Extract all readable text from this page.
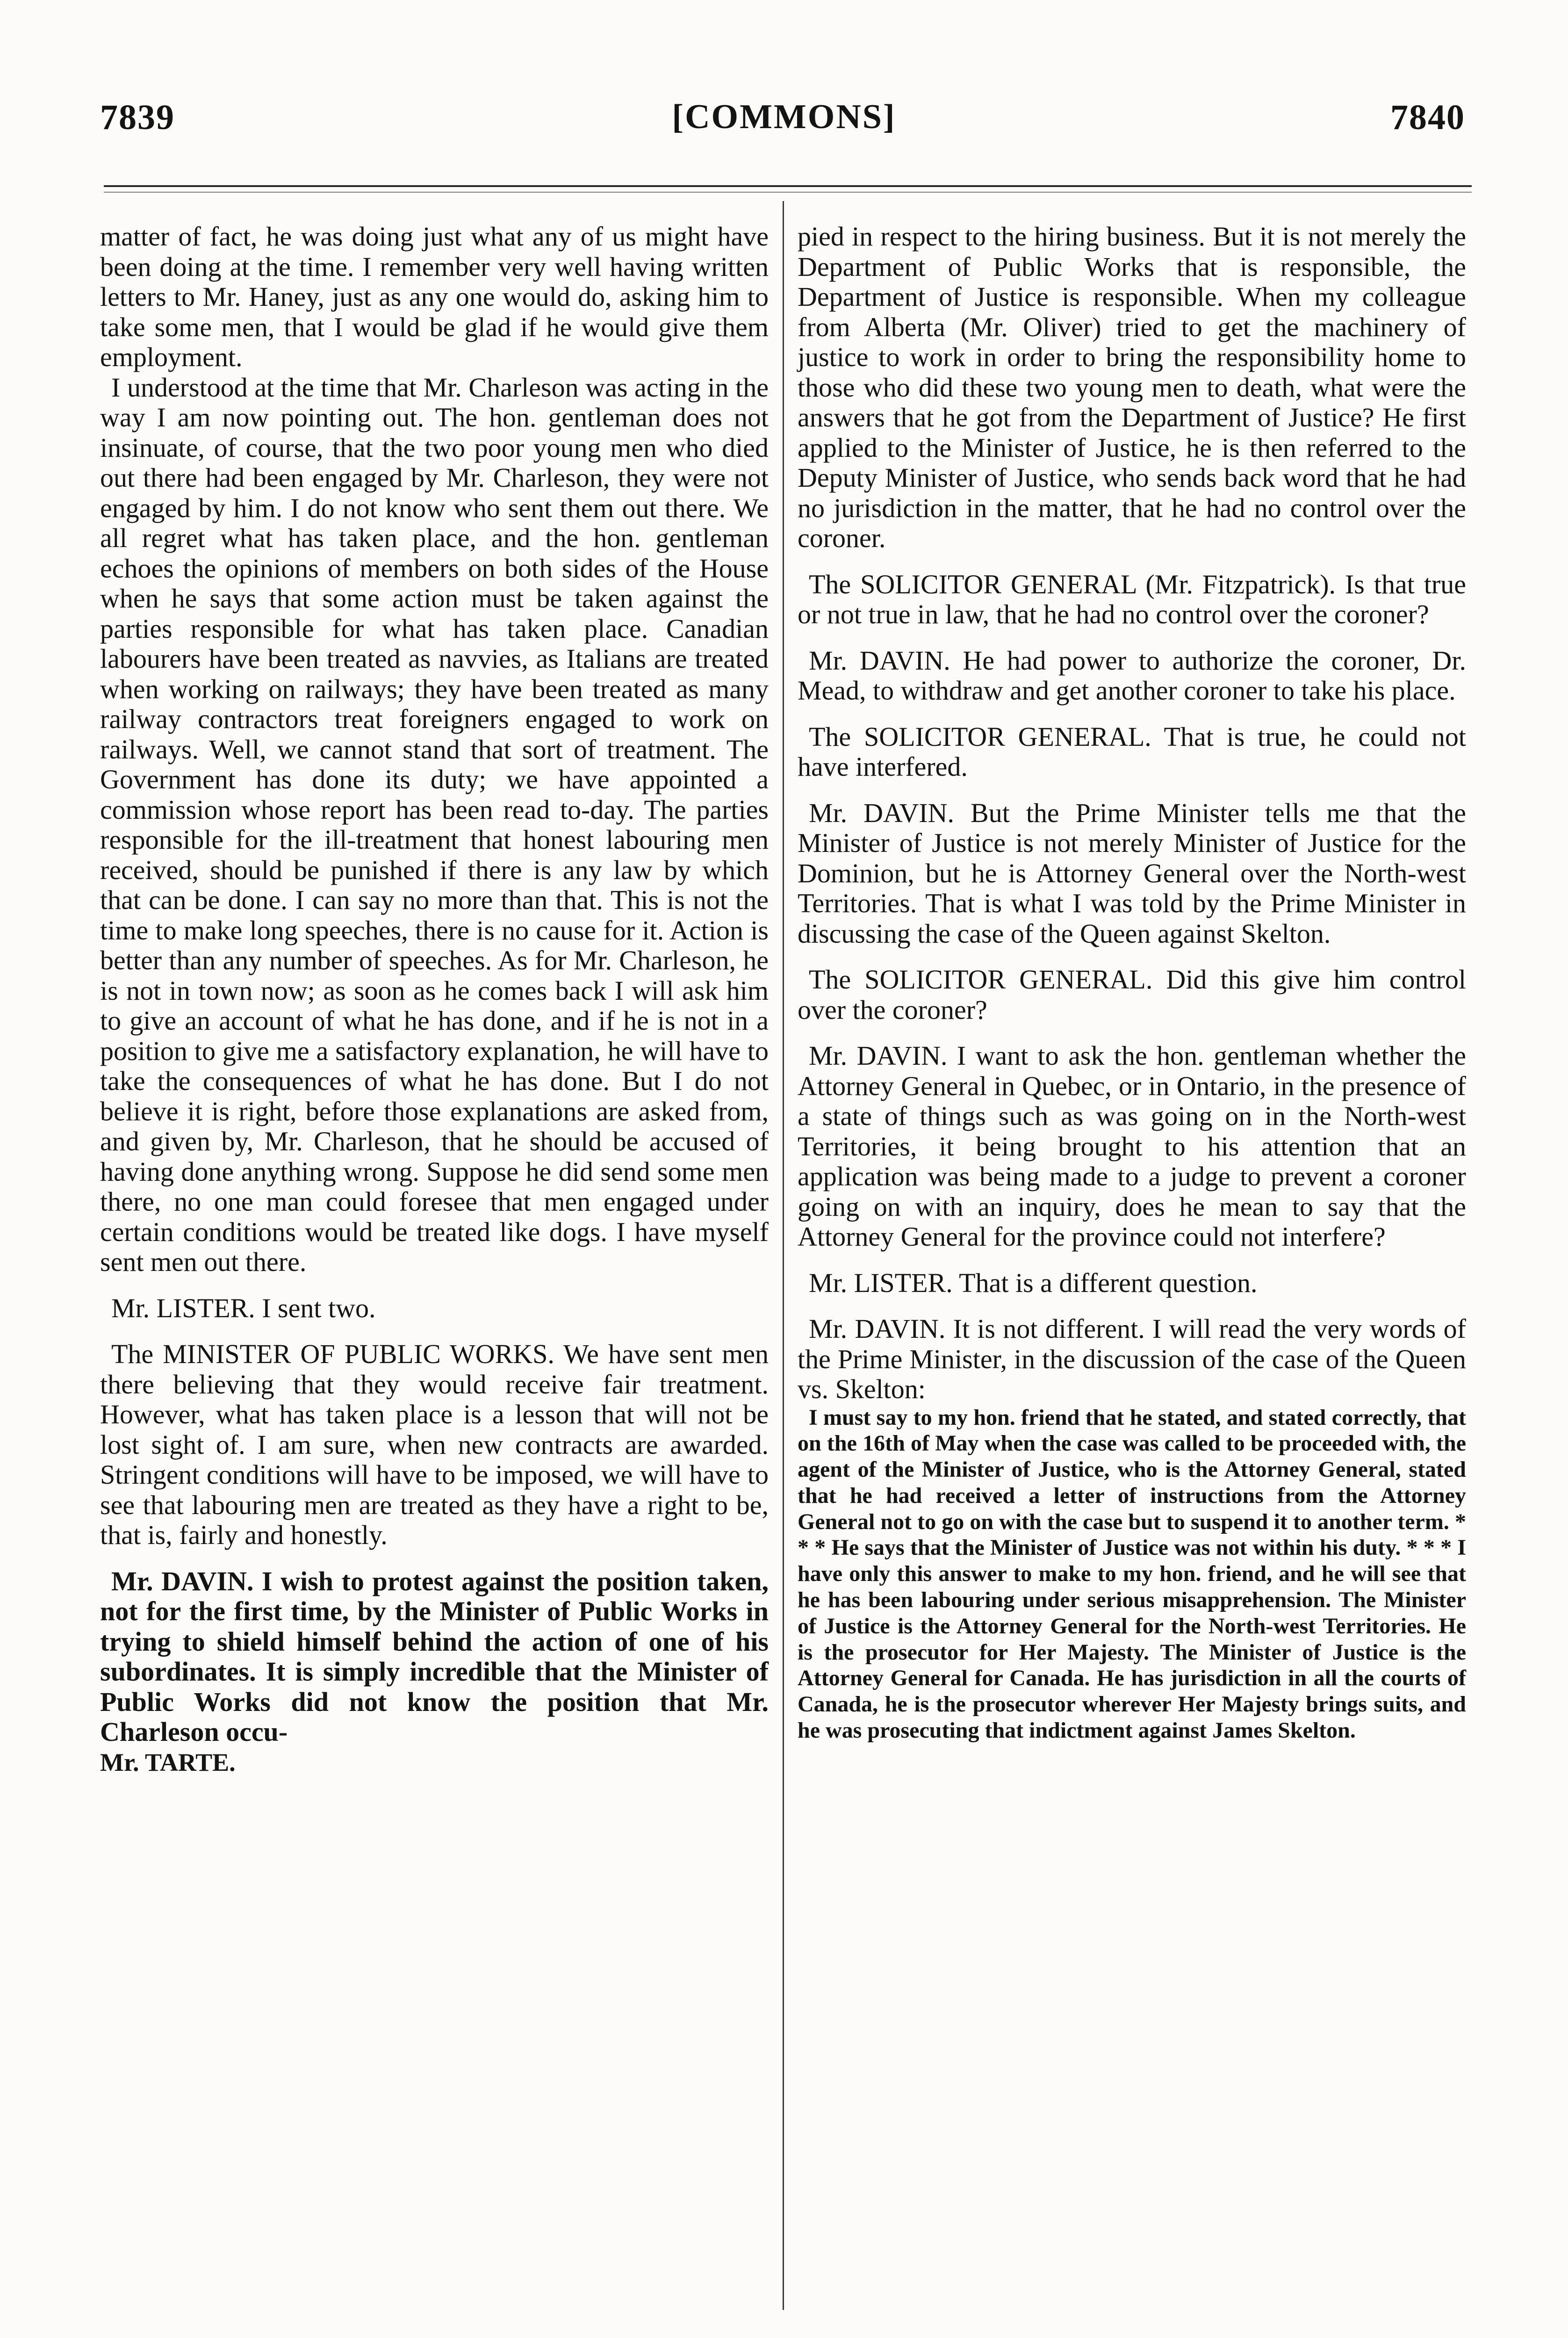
7839	[COMMONS]	7840

matter of fact, he was doing just what any of us might have been doing at the time. I remember very well having written letters to Mr. Haney, just as any one would do, asking him to take some men, that I would be glad if he would give them employment.

I understood at the time that Mr. Charleson was acting in the way I am now pointing out. The hon. gentleman does not insinuate, of course, that the two poor young men who died out there had been engaged by Mr. Charleson, they were not engaged by him. I do not know who sent them out there. We all regret what has taken place, and the hon. gentleman echoes the opinions of members on both sides of the House when he says that some action must be taken against the parties responsible for what has taken place. Canadian labourers have been treated as navvies, as Italians are treated when working on railways; they have been treated as many railway contractors treat foreigners engaged to work on railways. Well, we cannot stand that sort of treatment. The Government has done its duty; we have appointed a commission whose report has been read to-day. The parties responsible for the ill-treatment that honest labouring men received, should be punished if there is any law by which that can be done. I can say no more than that. This is not the time to make long speeches, there is no cause for it. Action is better than any number of speeches. As for Mr. Charleson, he is not in town now; as soon as he comes back I will ask him to give an account of what he has done, and if he is not in a position to give me a satisfactory explanation, he will have to take the consequences of what he has done. But I do not believe it is right, before those explanations are asked from, and given by, Mr. Charleson, that he should be accused of having done anything wrong. Suppose he did send some men there, no one man could foresee that men engaged under certain conditions would be treated like dogs. I have myself sent men out there.

Mr. LISTER. I sent two.

The MINISTER OF PUBLIC WORKS. We have sent men there believing that they would receive fair treatment. However, what has taken place is a lesson that will not be lost sight of. I am sure, when new contracts are awarded. Stringent conditions will have to be imposed, we will have to see that labouring men are treated as they have a right to be, that is, fairly and honestly.

Mr. DAVIN. I wish to protest against the position taken, not for the first time, by the Minister of Public Works in trying to shield himself behind the action of one of his subordinates. It is simply incredible that the Minister of Public Works did not know the position that Mr. Charleson occu-

Mr. TARTE.

pied in respect to the hiring business. But it is not merely the Department of Public Works that is responsible, the Department of Justice is responsible. When my colleague from Alberta (Mr. Oliver) tried to get the machinery of justice to work in order to bring the responsibility home to those who did these two young men to death, what were the answers that he got from the Department of Justice? He first applied to the Minister of Justice, he is then referred to the Deputy Minister of Justice, who sends back word that he had no jurisdiction in the matter, that he had no control over the coroner.

The SOLICITOR GENERAL (Mr. Fitzpatrick). Is that true or not true in law, that he had no control over the coroner?

Mr. DAVIN. He had power to authorize the coroner, Dr. Mead, to withdraw and get another coroner to take his place.

The SOLICITOR GENERAL. That is true, he could not have interfered.

Mr. DAVIN. But the Prime Minister tells me that the Minister of Justice is not merely Minister of Justice for the Dominion, but he is Attorney General over the North-west Territories. That is what I was told by the Prime Minister in discussing the case of the Queen against Skelton.

The SOLICITOR GENERAL. Did this give him control over the coroner?

Mr. DAVIN. I want to ask the hon. gentleman whether the Attorney General in Quebec, or in Ontario, in the presence of a state of things such as was going on in the North-west Territories, it being brought to his attention that an application was being made to a judge to prevent a coroner going on with an inquiry, does he mean to say that the Attorney General for the province could not interfere?

Mr. LISTER. That is a different question.

Mr. DAVIN. It is not different. I will read the very words of the Prime Minister, in the discussion of the case of the Queen vs. Skelton:

I must say to my hon. friend that he stated, and stated correctly, that on the 16th of May when the case was called to be proceeded with, the agent of the Minister of Justice, who is the Attorney General, stated that he had received a letter of instructions from the Attorney General not to go on with the case but to suspend it to another term. * * * He says that the Minister of Justice was not within his duty. * * * I have only this answer to make to my hon. friend, and he will see that he has been labouring under serious misapprehension. The Minister of Justice is the Attorney General for the North-west Territories. He is the prosecutor for Her Majesty. The Minister of Justice is the Attorney General for Canada. He has jurisdiction in all the courts of Canada, he is the prosecutor wherever Her Majesty brings suits, and he was prosecuting that indictment against James Skelton.
